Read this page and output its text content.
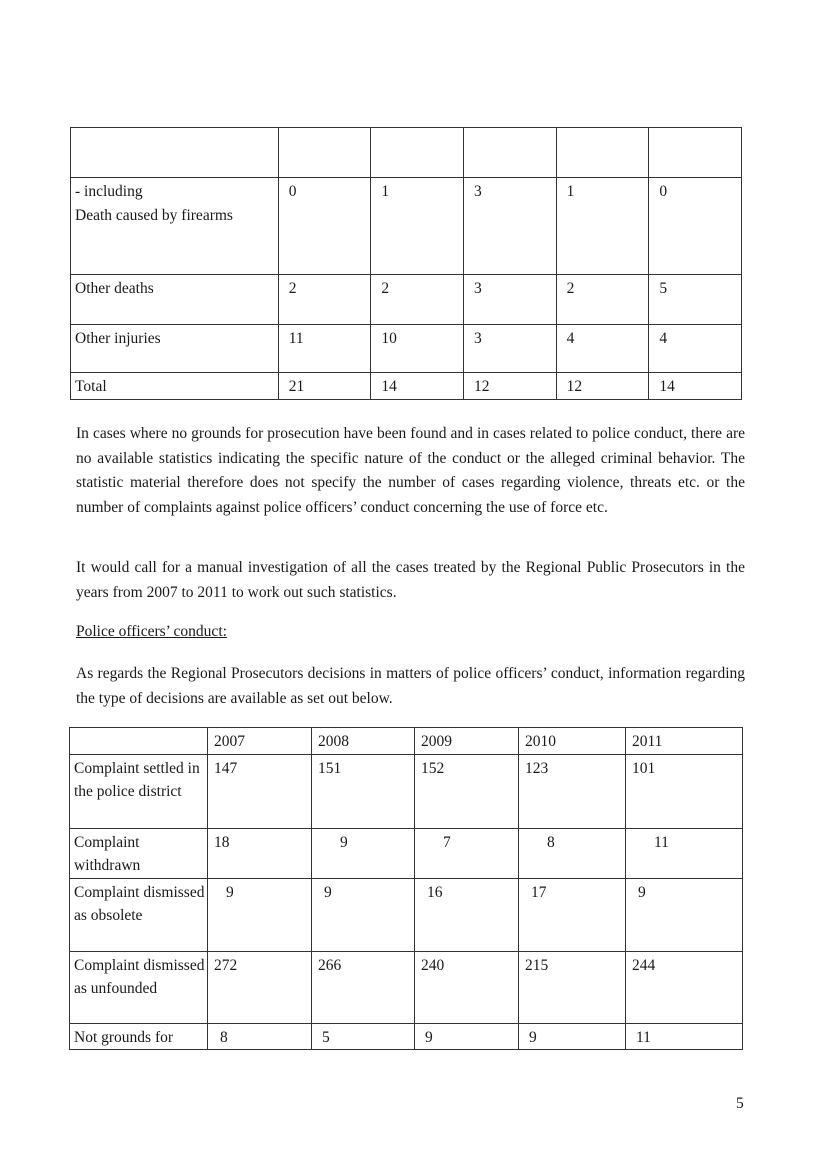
- including
Death caused by firearms	0	1	3	1	0
Other deaths	2	2	3	2	5
Other injuries	11	10	3	4	4
Total	21	14	12	12	14

In cases where no grounds for prosecution have been found and in cases related to police conduct, there are no available statistics indicating the specific nature of the conduct or the alleged criminal behavior. The statistic material therefore does not specify the number of cases regarding violence, threats etc. or the number of complaints against police officers’ conduct concerning the use of force etc.

It would call for a manual investigation of all the cases treated by the Regional Public Prosecutors in the years from 2007 to 2011 to work out such statistics.

Police officers’ conduct:

As regards the Regional Prosecutors decisions in matters of police officers’ conduct, information regarding the type of decisions are available as set out below.

	2007	2008	2009	2010	2011
Complaint settled in the police district	147	151	152	123	101
Complaint withdrawn	18	9	7	8	11
Complaint dismissed as obsolete	9	9	16	17	9
Complaint dismissed as unfounded	272	266	240	215	244
Not grounds for	8	5	9	9	11
5
